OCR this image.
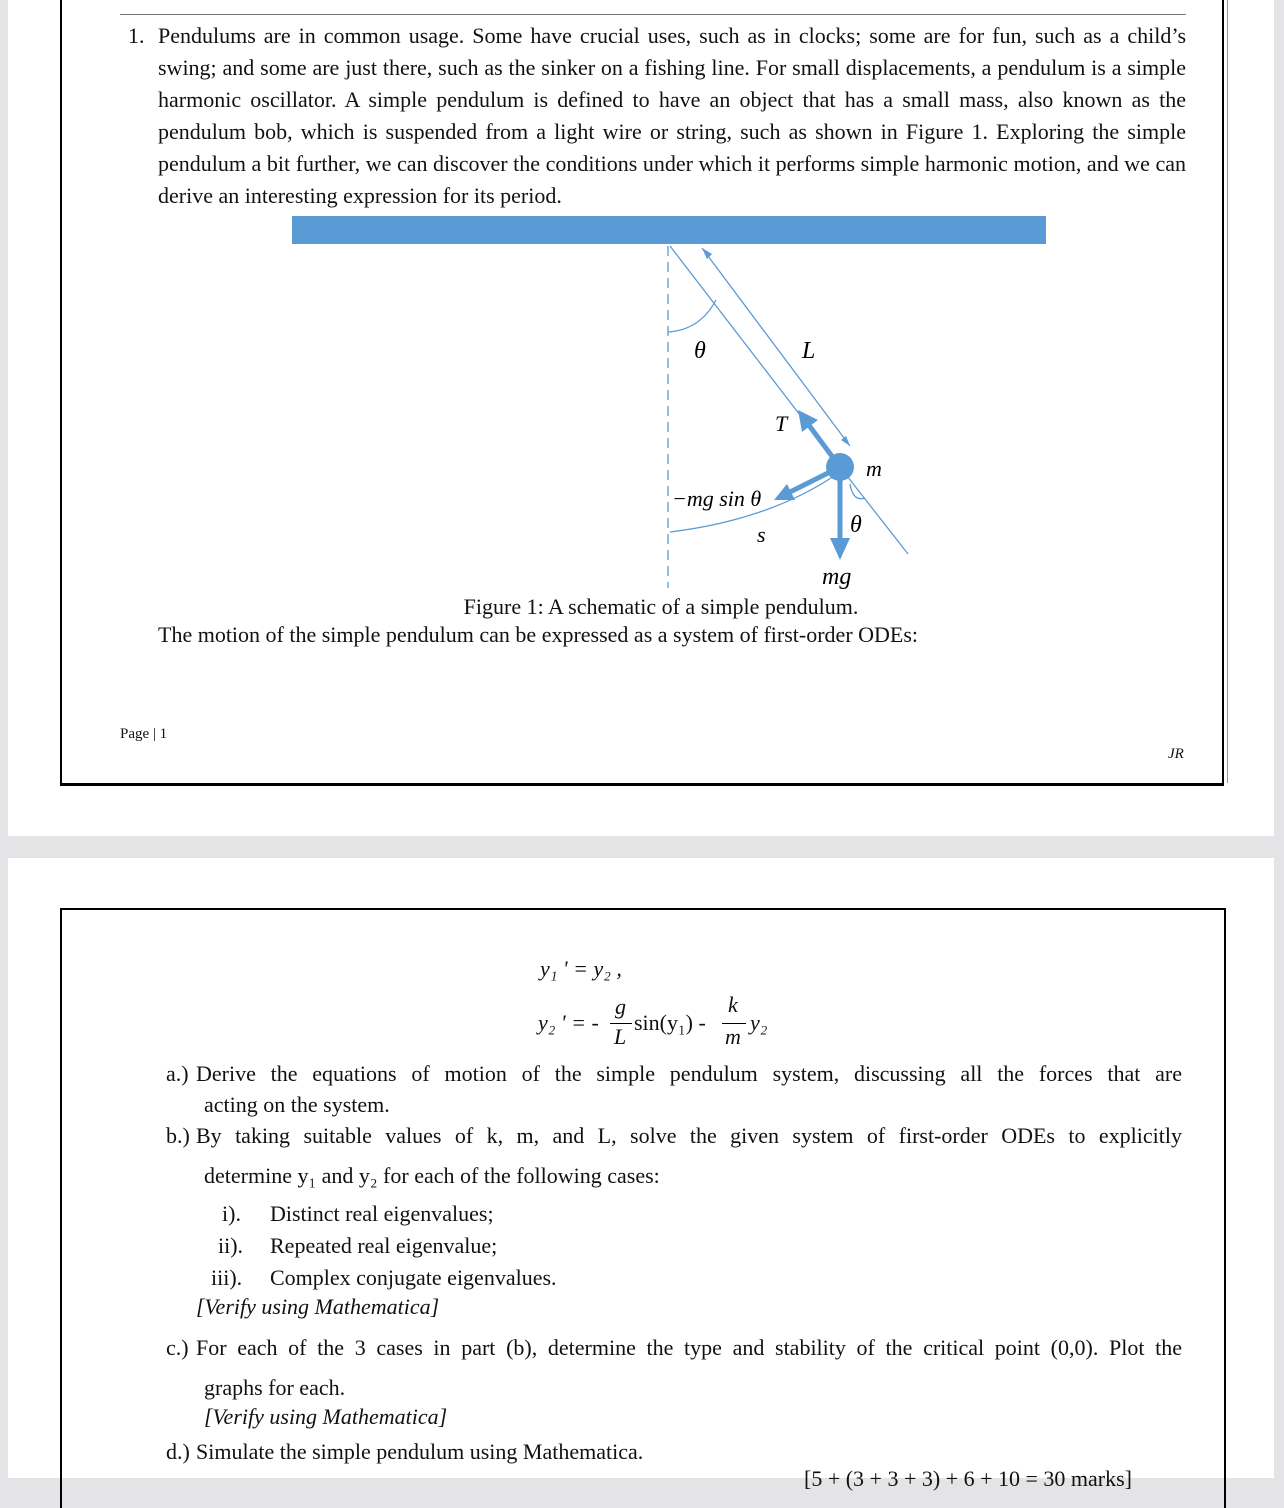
1. Pendulums are in common usage. Some have crucial uses, such as in clocks; some are for fun, such as a child’s swing; and some are just there, such as the sinker on a fishing line. For small displacements, a pendulum is a simple harmonic oscillator. A simple pendulum is defined to have an object that has a small mass, also known as the pendulum bob, which is suspended from a light wire or string, such as shown in Figure 1. Exploring the simple pendulum a bit further, we can discover the conditions under which it performs simple harmonic motion, and we can derive an interesting expression for its period.
θ	L
T
m
−mg sin θ
s	θ
mg
Figure 1: A schematic of a simple pendulum.
The motion of the simple pendulum can be expressed as a system of first-order ODEs:
Page | 1
JR
y₁ ' = y₂ ,
y₂ ' = -
g
L
sin(y₁) -
k
m
y₂
a.) Derive the equations of motion of the simple pendulum system, discussing all the forces that are
acting on the system.
b.) By taking suitable values of k, m, and L, solve the given system of first-order ODEs to explicitly
determine y₁ and y₂ for each of the following cases:
i). Distinct real eigenvalues;
ii). Repeated real eigenvalue;
iii). Complex conjugate eigenvalues.
[Verify using Mathematica]
c.) For each of the 3 cases in part (b), determine the type and stability of the critical point (0,0). Plot the
graphs for each.
[Verify using Mathematica]
d.) Simulate the simple pendulum using Mathematica.
[5 + (3 + 3 + 3) + 6 + 10 = 30 marks]
